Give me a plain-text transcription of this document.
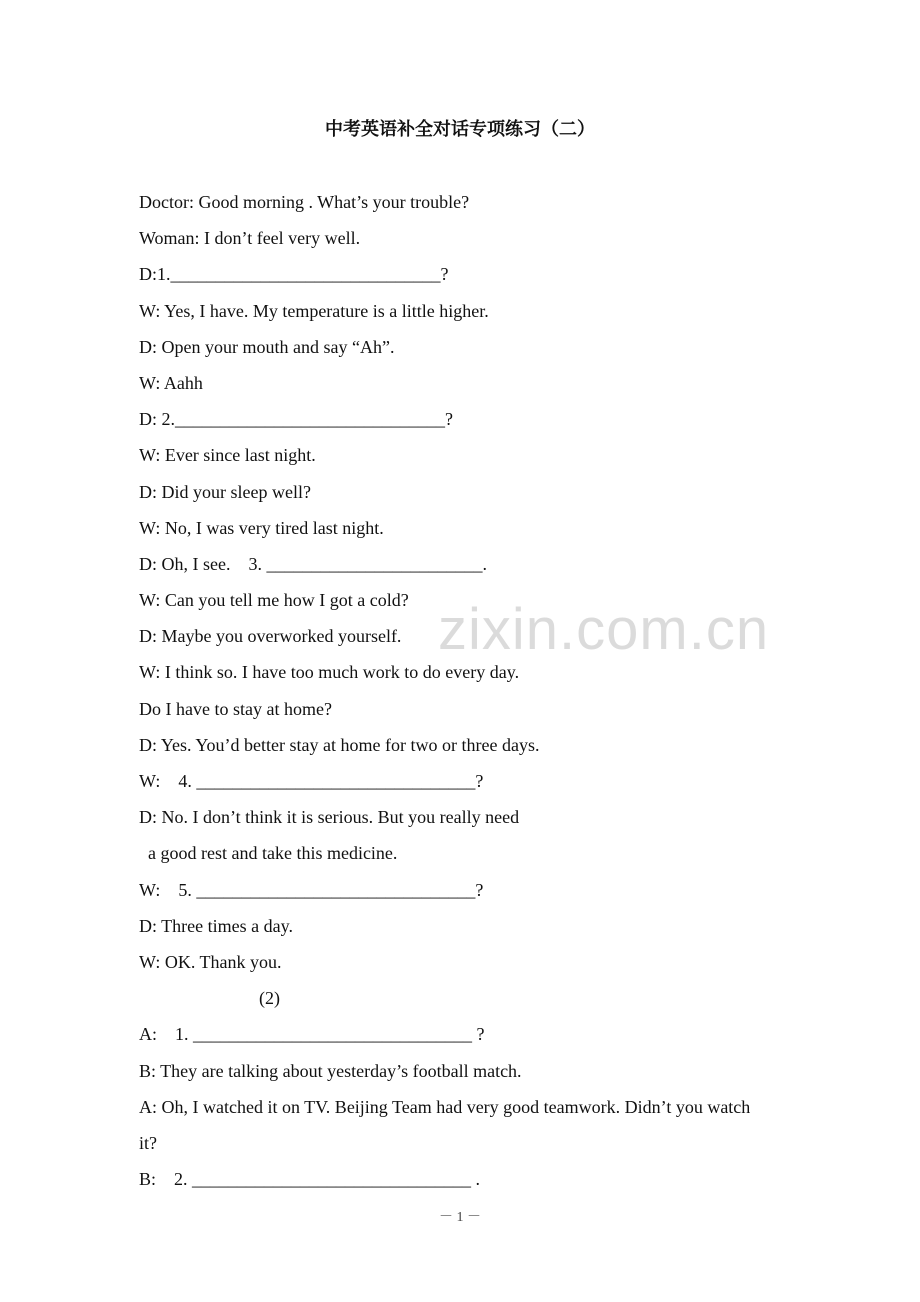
中考英语补全对话专项练习（二）
Doctor: Good morning . What’s your trouble?
Woman: I don’t feel very well.
D:1.______________________________?
W: Yes, I have. My temperature is a little higher.
D: Open your mouth and say “Ah”.
W: Aahh
D: 2.______________________________?
W: Ever since last night.
D: Did your sleep well?
W: No, I was very tired last night.
D: Oh, I see.    3. ________________________.
W: Can you tell me how I got a cold?
D: Maybe you overworked yourself.
W: I think so. I have too much work to do every day.
Do I have to stay at home?
D: Yes. You’d better stay at home for two or three days.
W:    4. _______________________________?
D: No. I don’t think it is serious. But you really need
a good rest and take this medicine.
W:    5. _______________________________?
D: Three times a day.
W: OK. Thank you.
(2)
A:    1. _______________________________ ?
B: They are talking about yesterday’s football match.
A: Oh, I watched it on TV. Beijing Team had very good teamwork. Didn’t you watch
it?
B:    2. _______________________________ .
zixin.com.cn
－ 1 －
